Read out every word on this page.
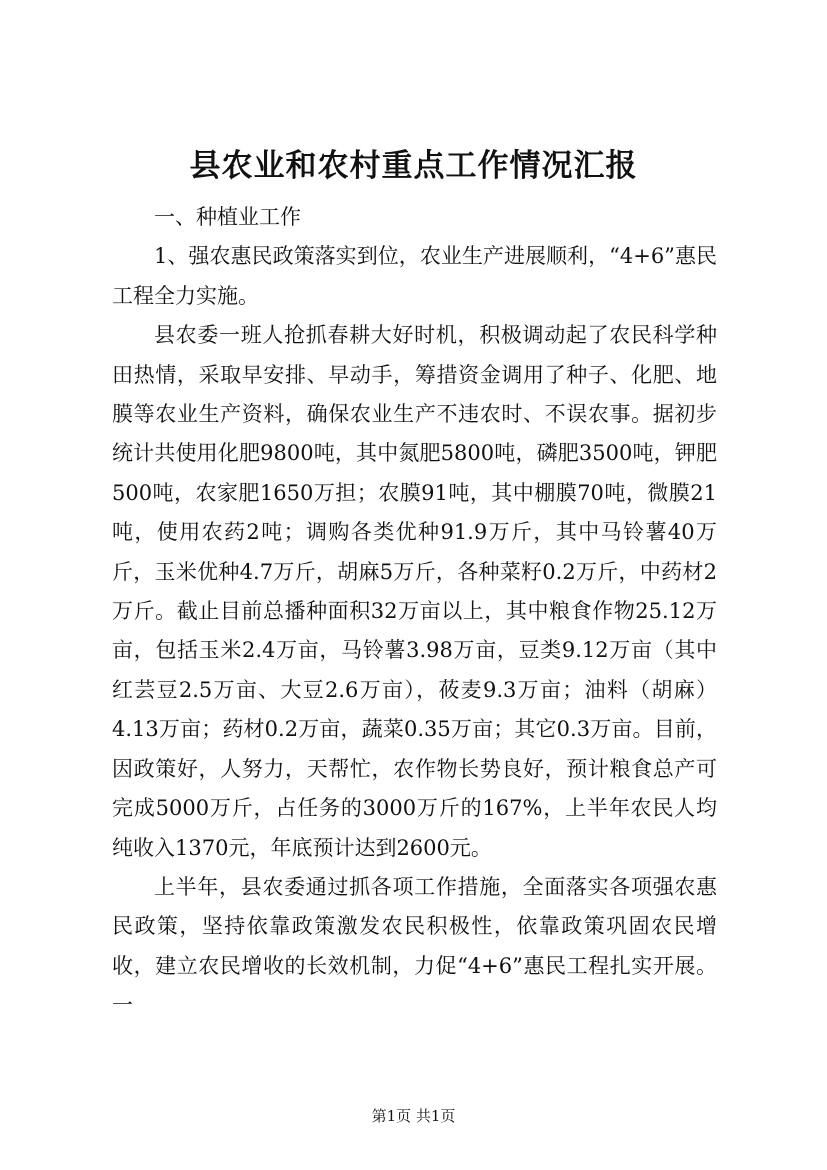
县农业和农村重点工作情况汇报

一、种植业工作

1、强农惠民政策落实到位，农业生产进展顺利，“4+6”惠民工程全力实施。

县农委一班人抢抓春耕大好时机，积极调动起了农民科学种田热情，采取早安排、早动手，筹措资金调用了种子、化肥、地膜等农业生产资料，确保农业生产不违农时、不误农事。据初步统计共使用化肥9800吨，其中氮肥5800吨，磷肥3500吨，钾肥500吨，农家肥1650万担；农膜91吨，其中棚膜70吨，微膜21吨，使用农药2吨；调购各类优种91.9万斤，其中马铃薯40万斤，玉米优种4.7万斤，胡麻5万斤，各种菜籽0.2万斤，中药材2万斤。截止目前总播种面积32万亩以上，其中粮食作物25.12万亩，包括玉米2.4万亩，马铃薯3.98万亩，豆类9.12万亩（其中红芸豆2.5万亩、大豆2.6万亩），莜麦9.3万亩；油料（胡麻）4.13万亩；药材0.2万亩，蔬菜0.35万亩；其它0.3万亩。目前，因政策好，人努力，天帮忙，农作物长势良好，预计粮食总产可完成5000万斤，占任务的3000万斤的167%，上半年农民人均纯收入1370元，年底预计达到2600元。

上半年，县农委通过抓各项工作措施，全面落实各项强农惠民政策，坚持依靠政策激发农民积极性，依靠政策巩固农民增收，建立农民增收的长效机制，力促“4+6”惠民工程扎实开展。一

第1页 共1页
